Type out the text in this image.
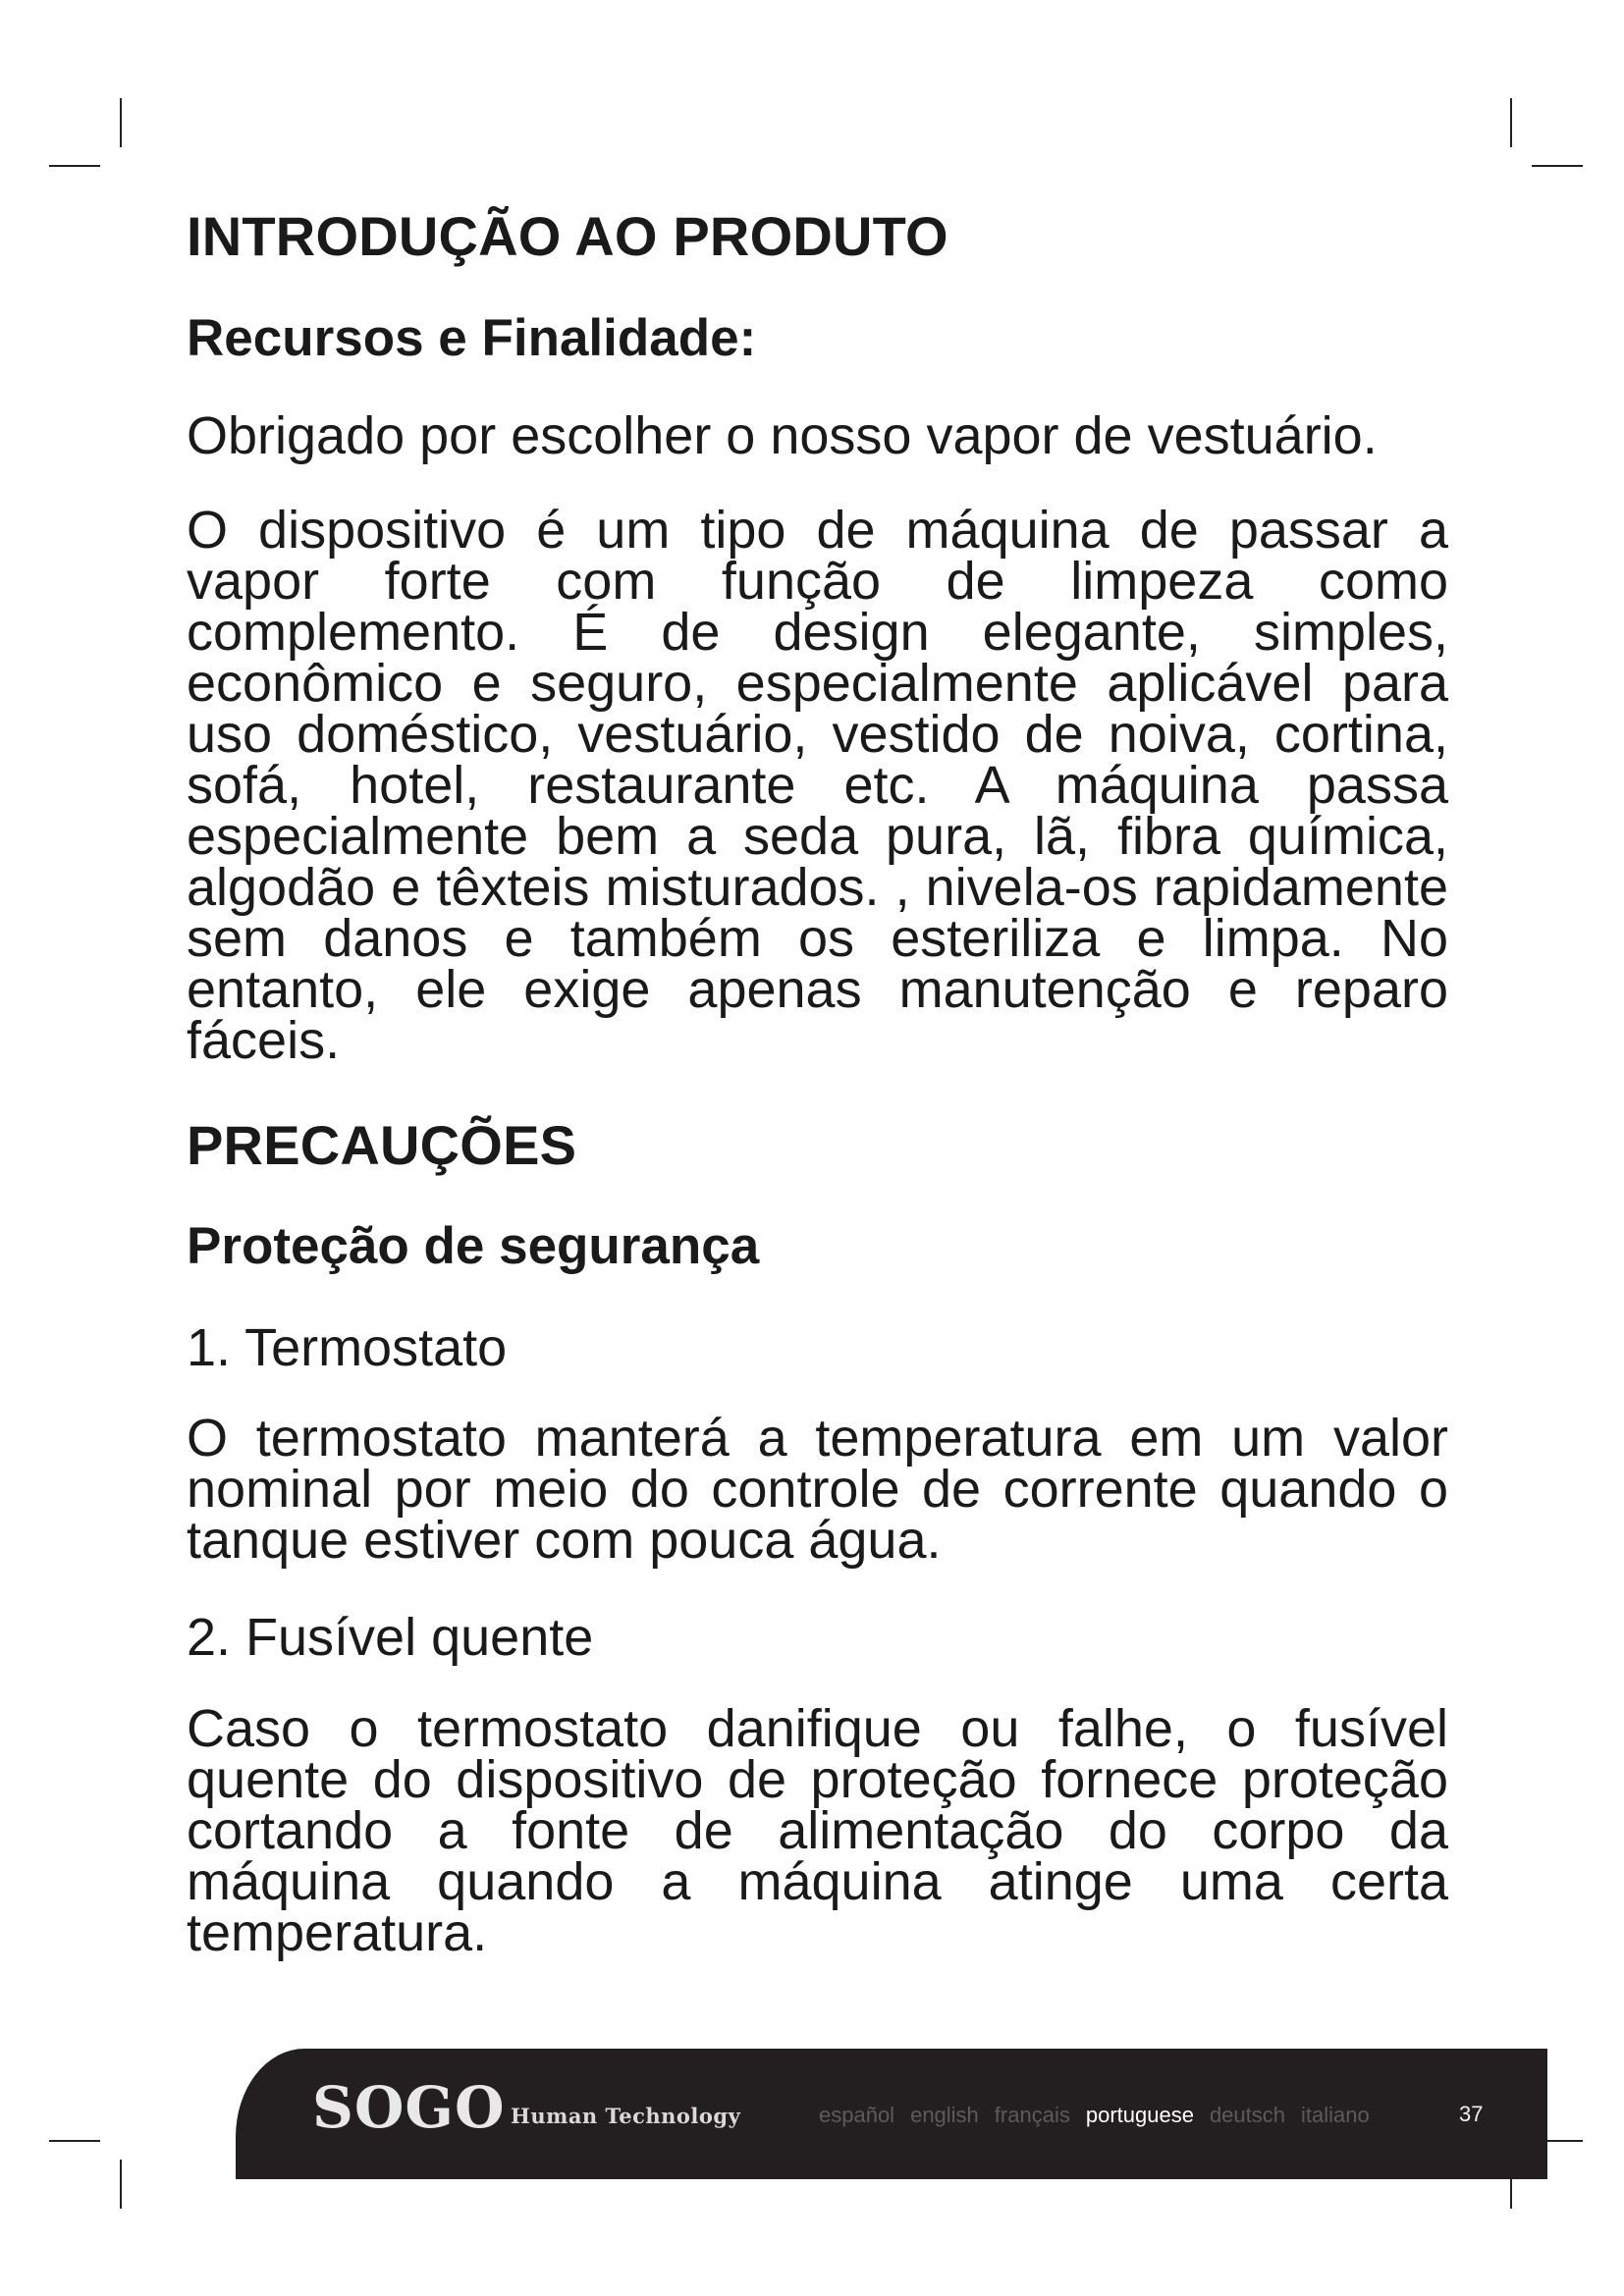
INTRODUÇÃO AO PRODUTO
Recursos e Finalidade:
Obrigado por escolher o nosso vapor de vestuário.
O dispositivo é um tipo de máquina de passar a vapor forte com função de limpeza como complemento. É de design elegante, simples, econômico e seguro, especialmente aplicável para uso doméstico, vestuário, vestido de noiva, cortina, sofá, hotel, restaurante etc. A máquina passa especialmente bem a seda pura, lã, fibra química, algodão e têxteis misturados. , nivela-os rapidamente sem danos e também os esteriliza e limpa. No entanto, ele exige apenas manutenção e reparo fáceis.
PRECAUÇÕES
Proteção de segurança
1. Termostato
O termostato manterá a temperatura em um valor nominal por meio do controle de corrente quando o tanque estiver com pouca água.
2. Fusível quente
Caso o termostato danifique ou falhe, o fusível quente do dispositivo de proteção fornece proteção cortando a fonte de alimentação do corpo da máquina quando a máquina atinge uma certa temperatura.
SOGO Human Technology	español english français portuguese deutsch italiano	37
